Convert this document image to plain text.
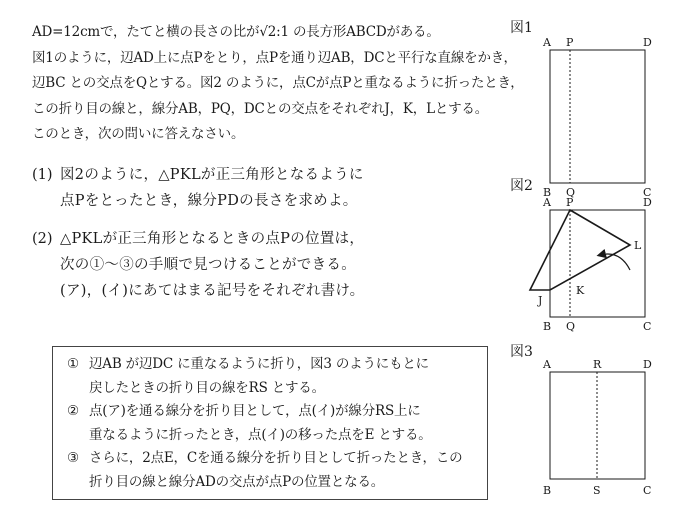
AD=12cmで，たてと横の長さの比が√2:1 の長方形ABCDがある。

図1のように，辺AD上に点Pをとり，点Pを通り辺AB，DCと平行な直線をかき，

辺BC との交点をQとする。図2 のように，点Cが点Pと重なるように折ったとき，

この折り目の線と，線分AB，PQ，DCとの交点をそれぞれJ，K，Lとする。

このとき，次の問いに答えなさい。

(1) 図2のように，△PKLが正三角形となるように

点Pをとったとき，線分PDの長さを求めよ。

(2) △PKLが正三角形となるときの点Pの位置は，

次の①～③の手順で見つけることができる。

(ア)，(イ)にあてはまる記号をそれぞれ書け。

① 辺AB が辺DC に重なるように折り，図3 のようにもとに

戻したときの折り目の線をRS とする。

② 点(ア)を通る線分を折り目として，点(イ)が線分RS上に

重なるように折ったとき，点(イ)の移った点をE とする。

③ さらに，2点E，Cを通る線分を折り目として折ったとき，この

折り目の線と線分ADの交点が点Pの位置となる。

図1
A P	D
B Q	C
図2
A P	D
L
K
J
B Q	C
図3
A	R	D
B	S	C
